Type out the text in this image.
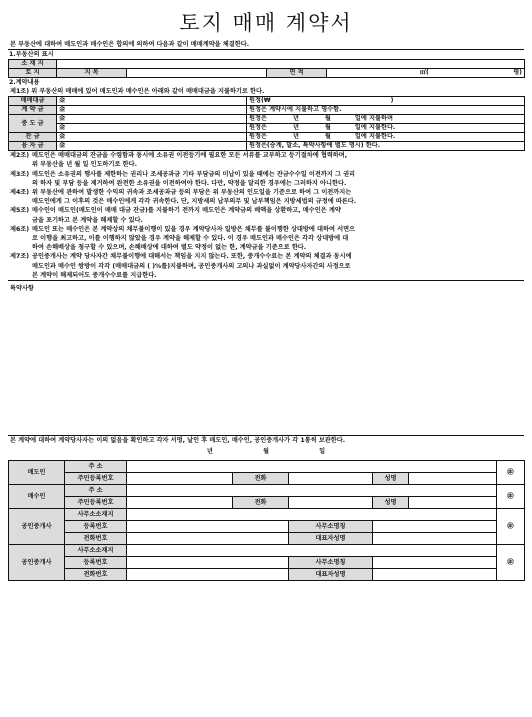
토지 매매 계약서
본 부동산에 대하여 매도인과 매수인은 합의에 의하여 다음과 같이 매매계약을 체결한다.
1.부동산의 표시
소 재 지				
토 지	지 목		면 적	㎡( 평)
2.계약내용
제1조) 위 부동산의 매매에 있어 매도인과 매수인은 아래와 같이 매매대금을 지불하기로 한다.
매매대금	金	원정(₩ )
계 약 금	金	원정은 계약시에 지불하고 영수함.
중 도 금	金	원정은 년 월 일에 지불하며
	金	원정은 년 월 일에 지불한다.
잔 금	金	원정은 년 월 일에 지불한다.
융 자 금	金	원정은(승계, 말소, 특약사항에 별도 명시) 한다.
제2조) 매도인은 매매대금의 잔금을 수령함과 동시에 소유권 이전등기에 필요한 모든 서류를 교부하고 등기절차에 협력하며,
위 부동산을 년 월 일 인도하기로 한다.
제3조) 매도인은 소유권의 행사를 제한하는 권리나 조세공과금 기타 부담금의 미납이 있을 때에는 잔금수수일 이전까지 그 권리
의 하자 및 부담 등을 제거하여 완전한 소유권을 이전하여야 한다. 다만, 약정을 달리한 경우에는 그러하지 아니한다.
제4조) 위 부동산에 관하여 발생한 수익의 귀속과 조세공과금 등의 부담은 위 부동산의 인도일을 기준으로 하여 그 이전까지는
매도인에게 그 이후의 것은 매수인에게 각각 귀속한다. 단, 지방세의 납부의무 및 납부책임은 지방세법의 규정에 따른다.
제5조) 매수인이 매도인(매도인이 매매 대금 잔금)를 지불하기 전까지 매도인은 계약금의 배액을 상환하고, 매수인은 계약
금을 포기하고 본 계약을 해제할 수 있다.
제6조) 매도인 또는 매수인은 본 계약상의 채무불이행이 있을 경우 계약당사자 일방은 채무를 불이행한 상대방에 대하여 서면으
로 이행을 최고하고, 이를 이행하지 않았을 경우 계약을 해제할 수 있다. 이 경우 매도인과 매수인은 각각 상대방에 대
하여 손해배상을 청구할 수 있으며, 손해배상에 대하여 별도 약정이 없는 한, 계약금을 기준으로 한다.
제7조) 공인중개사는 계약 당사자간 채무불이행에 대해서는 책임을 지지 않는다. 또한, 중개수수료는 본 계약의 체결과 동시에
매도인과 매수인 쌍방이 각각 (매매대금의 ( )%를)지불하며, 공인중개사의 고의나 과실없이 계약당사자간의 사정으로
본 계약이 해제되어도 중개수수료를 지급한다.
특약사항
본 계약에 대하여 계약당사자는 이의 없음을 확인하고 각자 서명, 날인 후 매도인, 매수인, 공인중개사가 각 1통씩 보관한다.
년	월	일
매도인	주 소						㊞
	주민등록번호		전화		성명		
매수인	주 소						㊞
	주민등록번호		전화		성명		
공인중개사	사무소소재지						㊞
	등록번호			사무소명칭			
	전화번호			대표자성명			
공인중개사	사무소소재지						㊞
	등록번호			사무소명칭			
	전화번호			대표자성명			
